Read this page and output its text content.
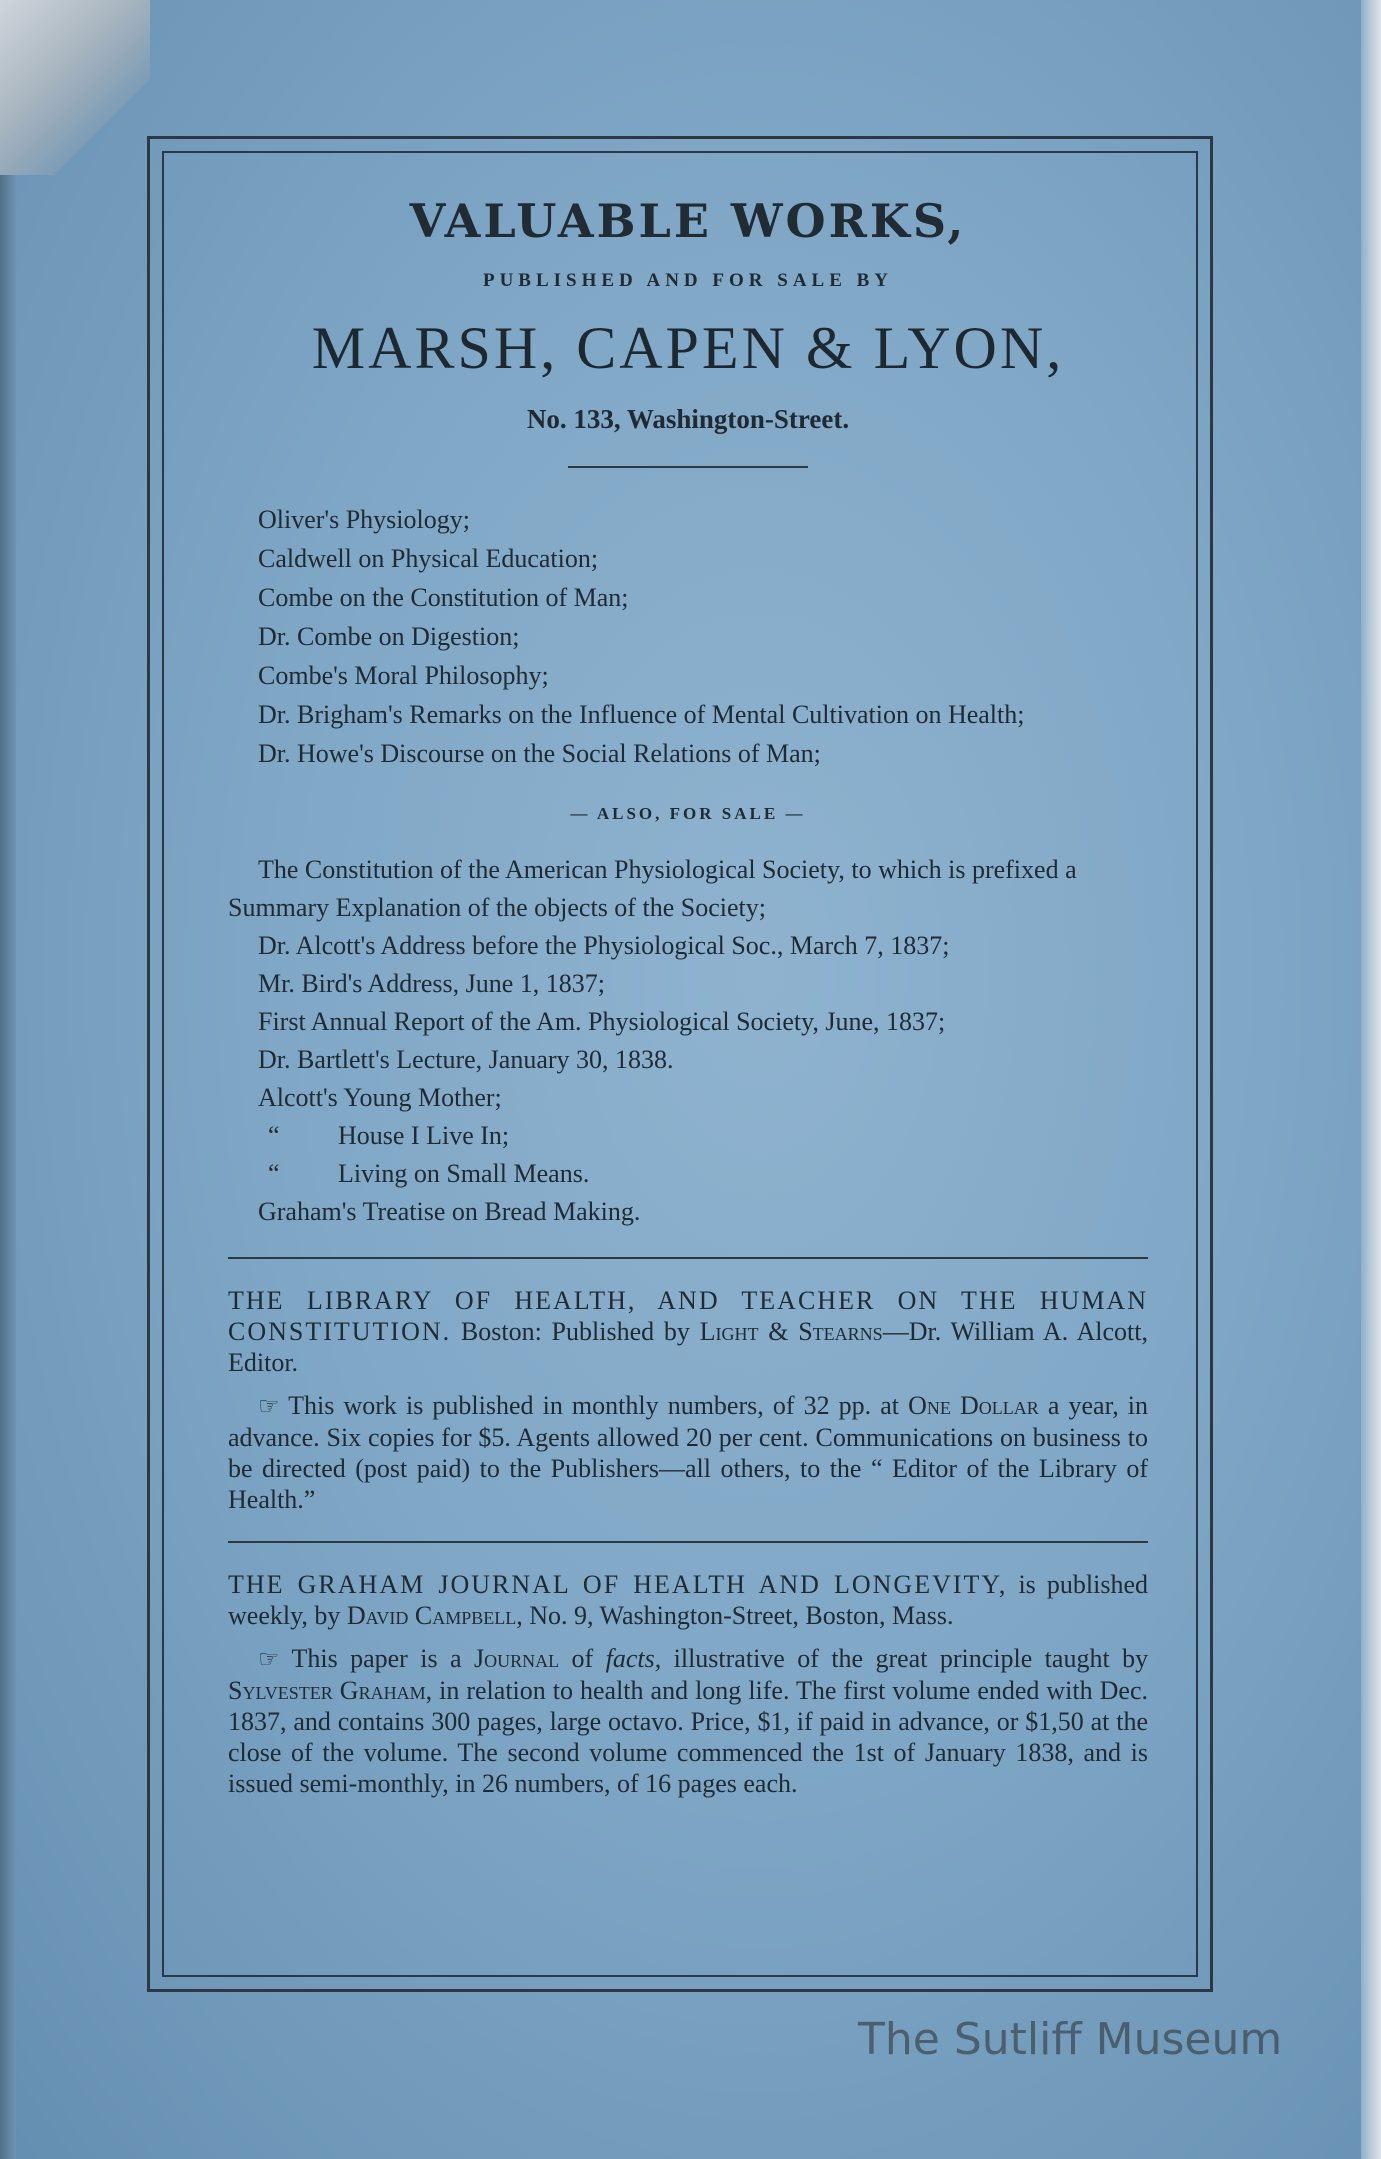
VALUABLE WORKS,
PUBLISHED AND FOR SALE BY
MARSH, CAPEN & LYON,
No. 133, Washington-Street.

Oliver's Physiology;

Caldwell on Physical Education;

Combe on the Constitution of Man;

Dr. Combe on Digestion;

Combe's Moral Philosophy;

Dr. Brigham's Remarks on the Influence of Mental Cultivation on Health;

Dr. Howe's Discourse on the Social Relations of Man;

— ALSO, FOR SALE —

The Constitution of the American Physiological Society, to which is prefixed a Summary Explanation of the objects of the Society;

Dr. Alcott's Address before the Physiological Soc., March 7, 1837;

Mr. Bird's Address, June 1, 1837;

First Annual Report of the Am. Physiological Society, June, 1837;

Dr. Bartlett's Lecture, January 30, 1838.

Alcott's Young Mother;

“ House I Live In;

“ Living on Small Means.

Graham's Treatise on Bread Making.

THE LIBRARY OF HEALTH, AND TEACHER ON THE HUMAN CONSTITUTION. Boston: Published by Light & Stearns—Dr. William A. Alcott, Editor.

☞ This work is published in monthly numbers, of 32 pp. at One Dollar a year, in advance. Six copies for $5. Agents allowed 20 per cent. Communications on business to be directed (post paid) to the Publishers—all others, to the “ Editor of the Library of Health.”

THE GRAHAM JOURNAL OF HEALTH AND LONGEVITY, is published weekly, by David Campbell, No. 9, Washington-Street, Boston, Mass.

☞ This paper is a Journal of facts, illustrative of the great principle taught by Sylvester Graham, in relation to health and long life. The first volume ended with Dec. 1837, and contains 300 pages, large octavo. Price, $1, if paid in advance, or $1,50 at the close of the volume. The second volume commenced the 1st of January 1838, and is issued semi-monthly, in 26 numbers, of 16 pages each.

The Sutliff Museum
